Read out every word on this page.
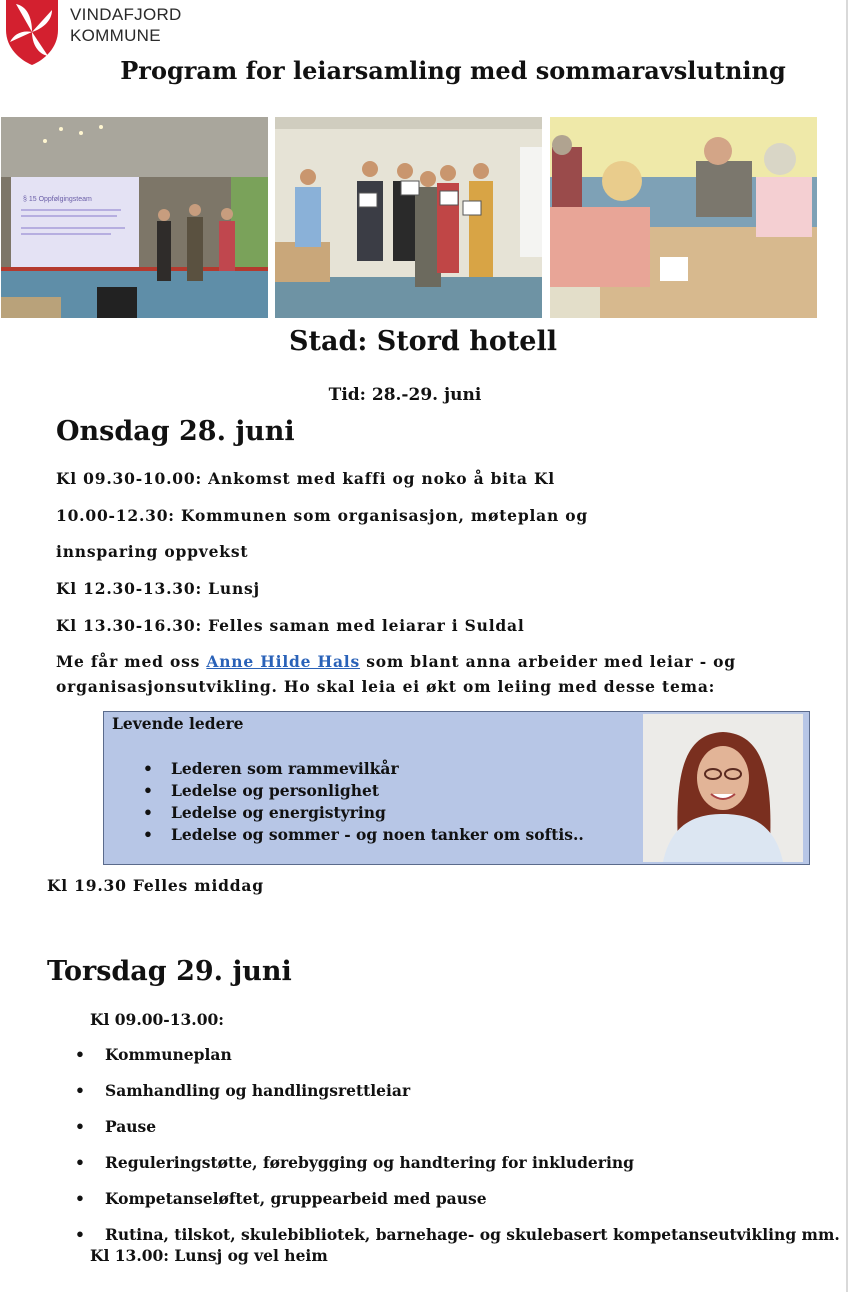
VINDAFJORD
KOMMUNE
Program for leiarsamling med sommaravslutning
§ 15 Oppfølgingsteam
Stad: Stord hotell
Tid: 28.-29. juni
Onsdag 28. juni
Kl 09.30-10.00: Ankomst med kaffi og noko å bita Kl
10.00-12.30: Kommunen som organisasjon, møteplan og
innsparing oppvekst
Kl 12.30-13.30: Lunsj
Kl 13.30-16.30: Felles saman med leiarar i Suldal
Me får med oss Anne Hilde Hals som blant anna arbeider med leiar - og
organisasjonsutvikling. Ho skal leia ei økt om leiing med desse tema:
Levende ledere
• Lederen som rammevilkår
• Ledelse og personlighet
• Ledelse og energistyring
• Ledelse og sommer - og noen tanker om softis..
Kl 19.30 Felles middag
Torsdag 29. juni
Kl 09.00-13.00:
• Kommuneplan
• Samhandling og handlingsrettleiar
• Pause
• Reguleringstøtte, førebygging og handtering for inkludering
• Kompetanseløftet, gruppearbeid med pause
• Rutina, tilskot, skulebibliotek, barnehage- og skulebasert kompetanseutvikling mm.
Kl 13.00: Lunsj og vel heim
